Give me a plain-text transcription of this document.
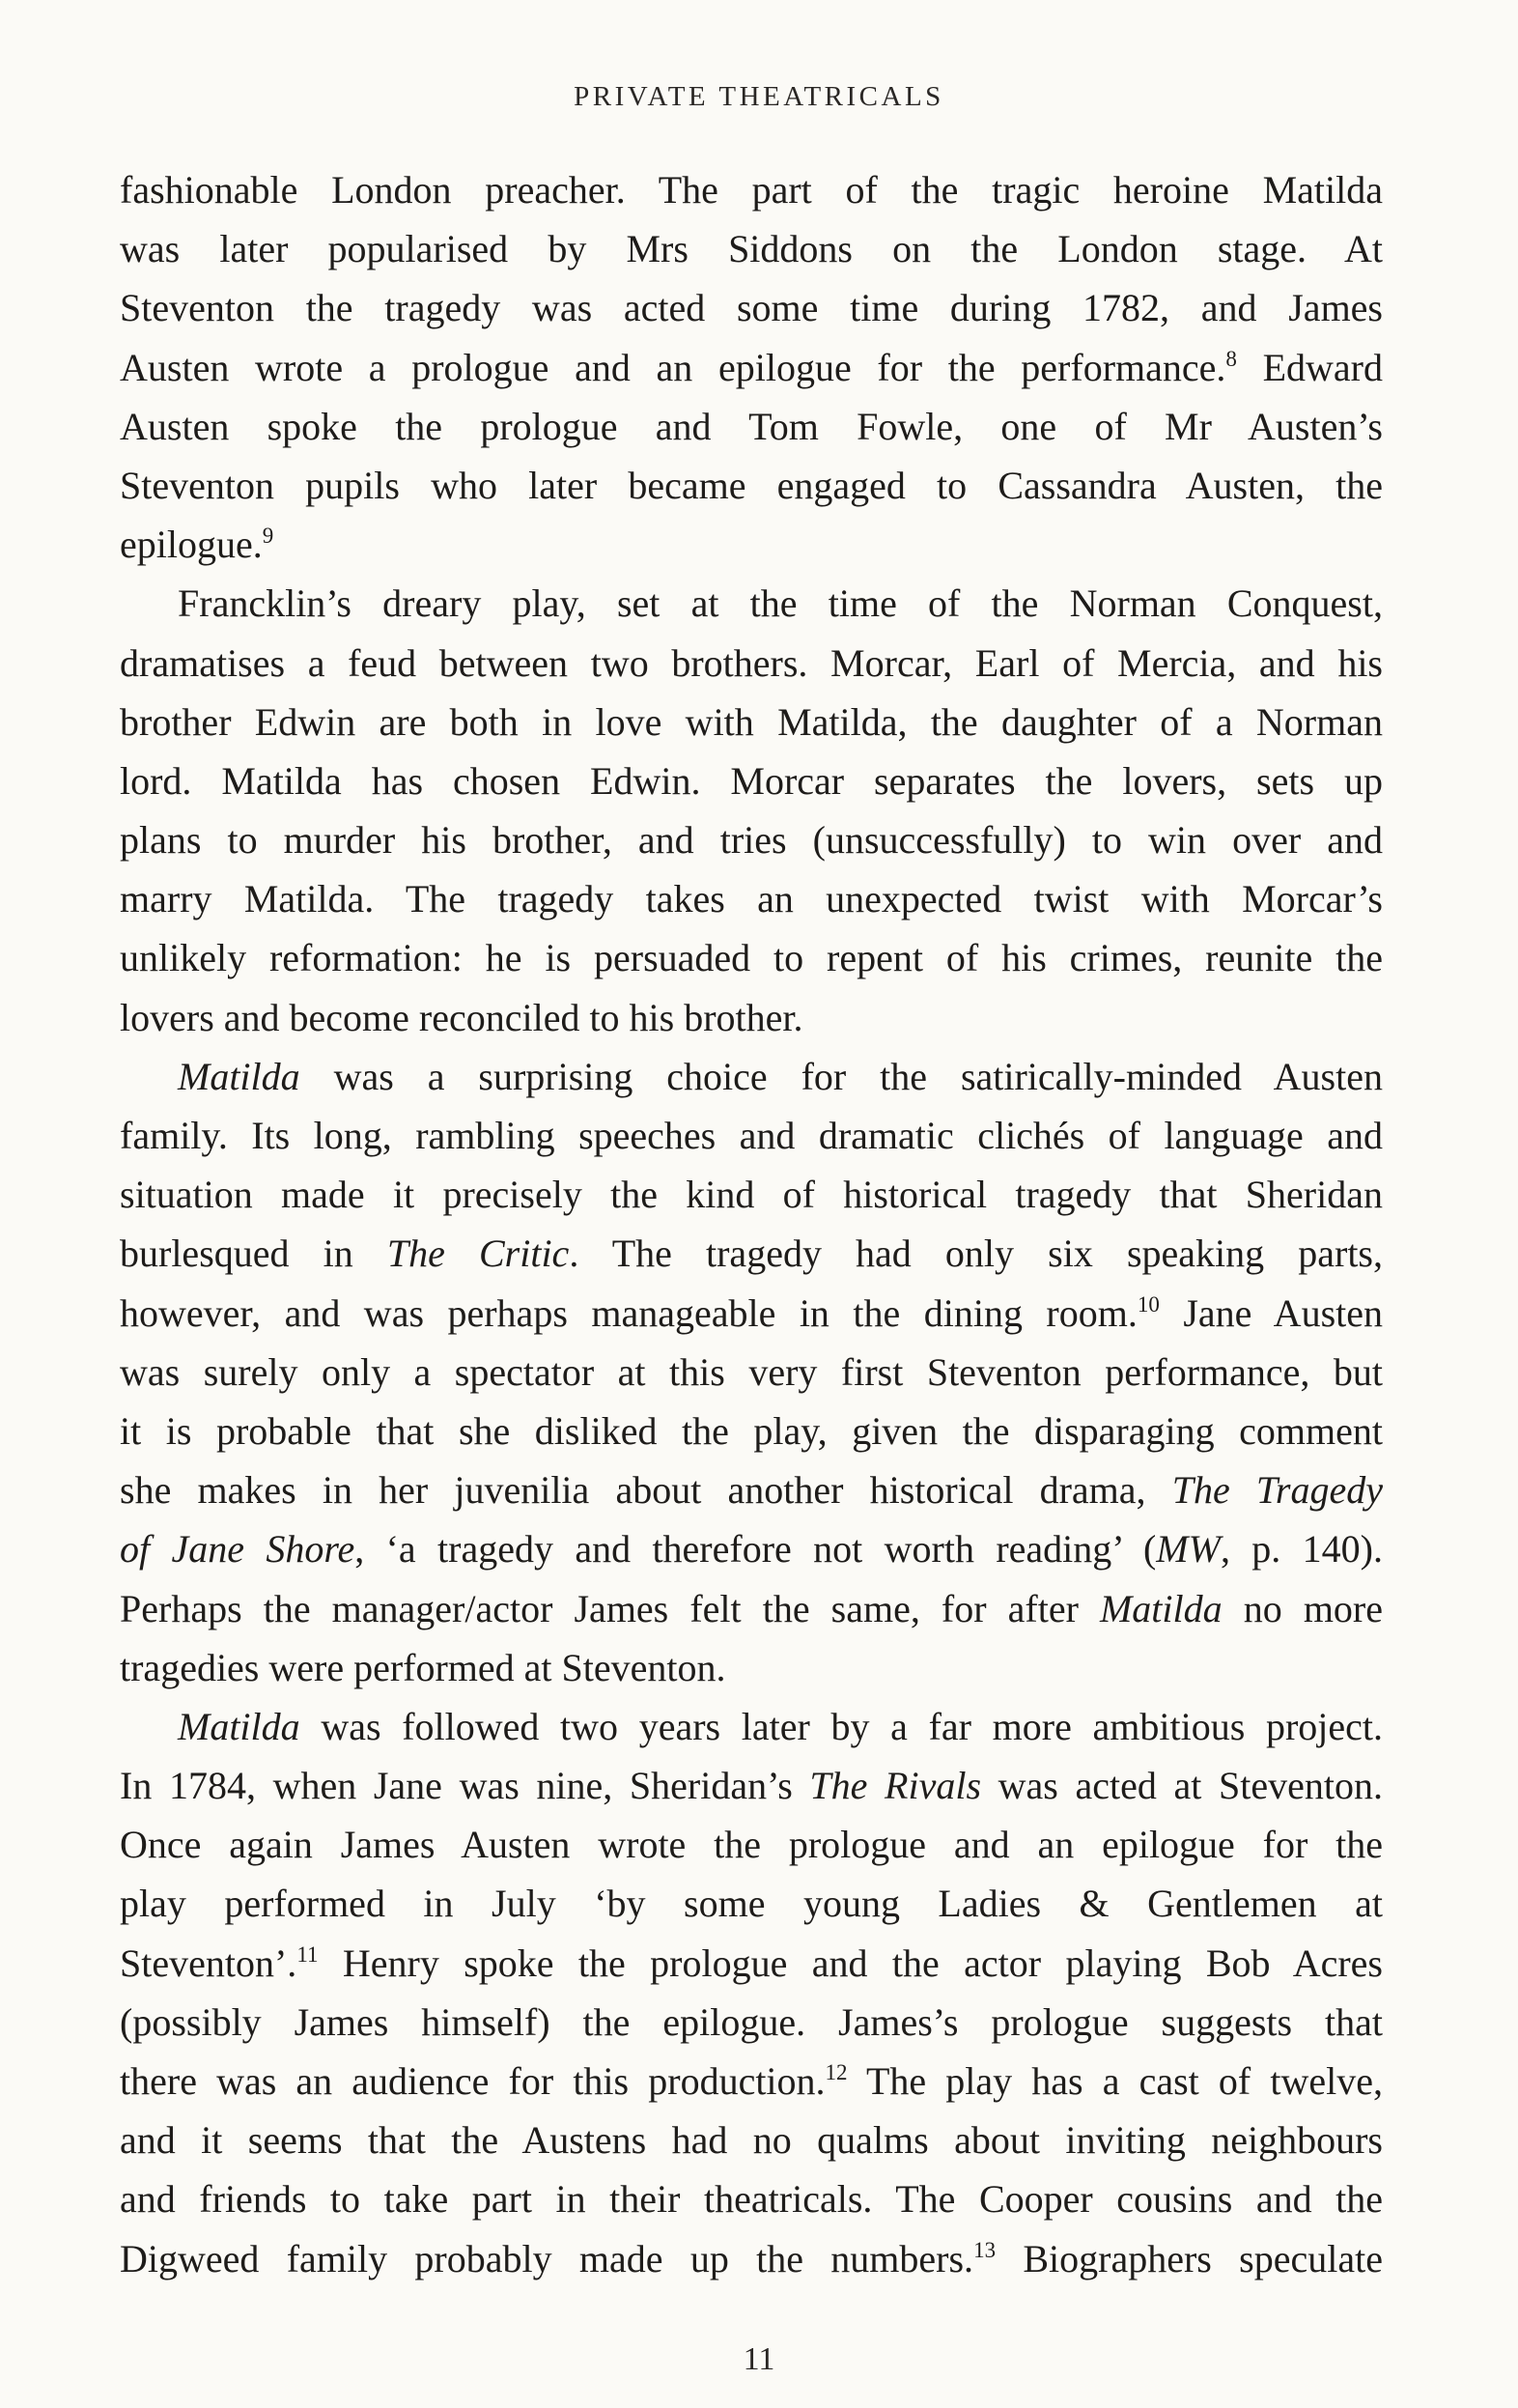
PRIVATE THEATRICALS
fashionable London preacher. The part of the tragic heroine Matilda
was later popularised by Mrs Siddons on the London stage. At
Steventon the tragedy was acted some time during 1782, and James
Austen wrote a prologue and an epilogue for the performance.$^8$ Edward
Austen spoke the prologue and Tom Fowle, one of Mr Austen’s
Steventon pupils who later became engaged to Cassandra Austen, the
epilogue.$^9$
Francklin’s dreary play, set at the time of the Norman Conquest,
dramatises a feud between two brothers. Morcar, Earl of Mercia, and his
brother Edwin are both in love with Matilda, the daughter of a Norman
lord. Matilda has chosen Edwin. Morcar separates the lovers, sets up
plans to murder his brother, and tries (unsuccessfully) to win over and
marry Matilda. The tragedy takes an unexpected twist with Morcar’s
unlikely reformation: he is persuaded to repent of his crimes, reunite the
lovers and become reconciled to his brother.
Matilda was a surprising choice for the satirically-minded Austen
family. Its long, rambling speeches and dramatic clichés of language and
situation made it precisely the kind of historical tragedy that Sheridan
burlesqued in The Critic. The tragedy had only six speaking parts,
however, and was perhaps manageable in the dining room.$^{10}$ Jane Austen
was surely only a spectator at this very first Steventon performance, but
it is probable that she disliked the play, given the disparaging comment
she makes in her juvenilia about another historical drama, The Tragedy
of Jane Shore, ‘a tragedy and therefore not worth reading’ (MW, p. 140).
Perhaps the manager/actor James felt the same, for after Matilda no more
tragedies were performed at Steventon.
Matilda was followed two years later by a far more ambitious project.
In 1784, when Jane was nine, Sheridan’s The Rivals was acted at Steventon.
Once again James Austen wrote the prologue and an epilogue for the
play performed in July ‘by some young Ladies & Gentlemen at
Steventon’.$^{11}$ Henry spoke the prologue and the actor playing Bob Acres
(possibly James himself) the epilogue. James’s prologue suggests that
there was an audience for this production.$^{12}$ The play has a cast of twelve,
and it seems that the Austens had no qualms about inviting neighbours
and friends to take part in their theatricals. The Cooper cousins and the
Digweed family probably made up the numbers.$^{13}$ Biographers speculate
11
